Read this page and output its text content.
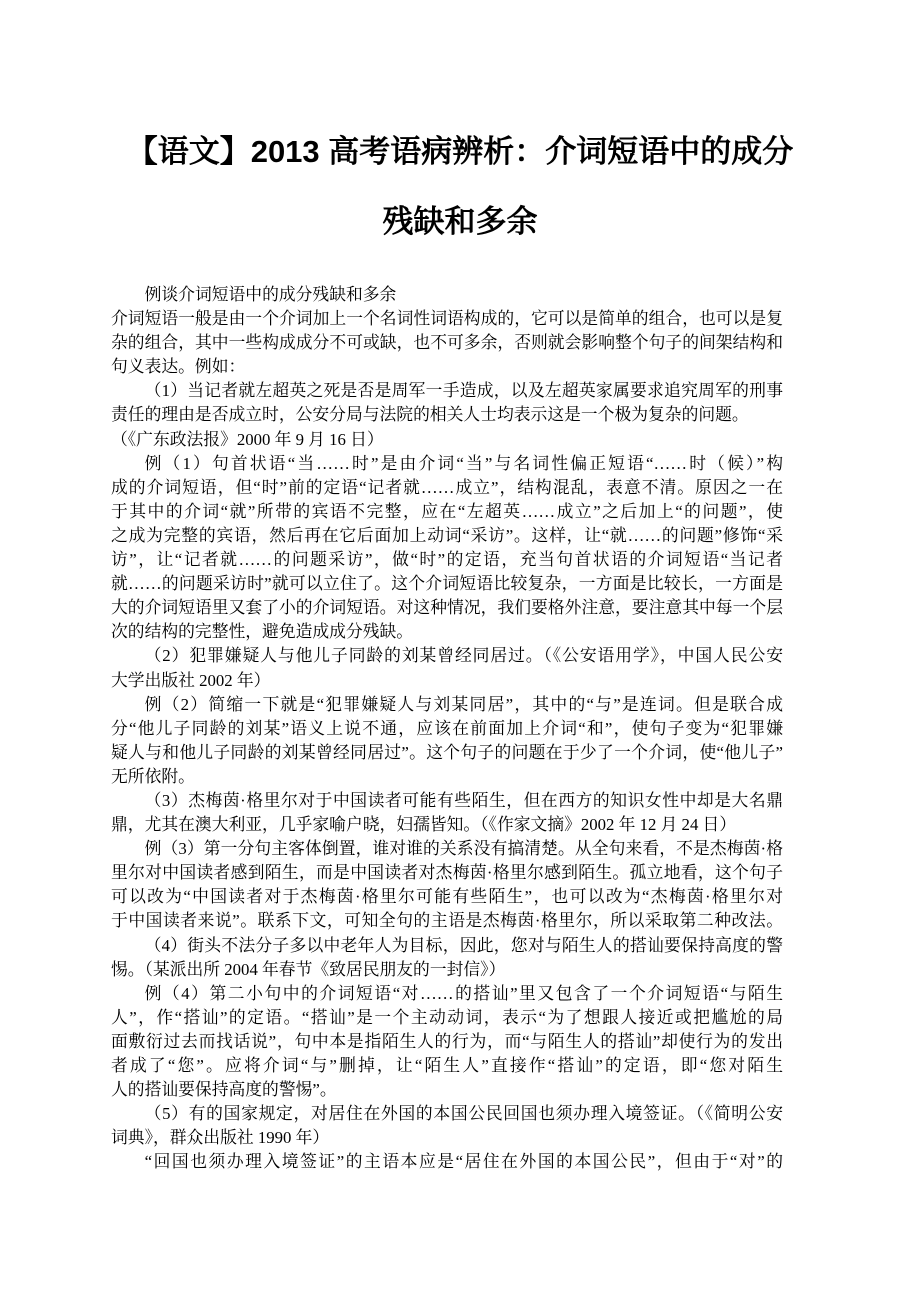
【语文】2013 高考语病辨析：介词短语中的成分
残缺和多余
例谈介词短语中的成分残缺和多余
介词短语一般是由一个介词加上一个名词性词语构成的，它可以是简单的组合，也可以是复
杂的组合，其中一些构成成分不可或缺，也不可多余，否则就会影响整个句子的间架结构和
句义表达。例如：
（1）当记者就左超英之死是否是周军一手造成，以及左超英家属要求追究周军的刑事
责任的理由是否成立时，公安分局与法院的相关人士均表示这是一个极为复杂的问题。
（《广东政法报》2000 年 9 月 16 日）
例（1）句首状语“当……时”是由介词“当”与名词性偏正短语“……时（候）”构
成的介词短语，但“时”前的定语“记者就……成立”，结构混乱，表意不清。原因之一在
于其中的介词“就”所带的宾语不完整，应在“左超英……成立”之后加上“的问题”，使
之成为完整的宾语，然后再在它后面加上动词“采访”。这样，让“就……的问题”修饰“采
访”，让“记者就……的问题采访”，做“时”的定语，充当句首状语的介词短语“当记者
就……的问题采访时”就可以立住了。这个介词短语比较复杂，一方面是比较长，一方面是
大的介词短语里又套了小的介词短语。对这种情况，我们要格外注意，要注意其中每一个层
次的结构的完整性，避免造成成分残缺。
（2）犯罪嫌疑人与他儿子同龄的刘某曾经同居过。（《公安语用学》，中国人民公安
大学出版社 2002 年）
例（2）简缩一下就是“犯罪嫌疑人与刘某同居”，其中的“与”是连词。但是联合成
分“他儿子同龄的刘某”语义上说不通，应该在前面加上介词“和”，使句子变为“犯罪嫌
疑人与和他儿子同龄的刘某曾经同居过”。这个句子的问题在于少了一个介词，使“他儿子”
无所依附。
（3）杰梅茵·格里尔对于中国读者可能有些陌生，但在西方的知识女性中却是大名鼎
鼎，尤其在澳大利亚，几乎家喻户晓，妇孺皆知。（《作家文摘》2002 年 12 月 24 日）
例（3）第一分句主客体倒置，谁对谁的关系没有搞清楚。从全句来看，不是杰梅茵·格
里尔对中国读者感到陌生，而是中国读者对杰梅茵·格里尔感到陌生。孤立地看，这个句子
可以改为“中国读者对于杰梅茵·格里尔可能有些陌生”，也可以改为“杰梅茵·格里尔对
于中国读者来说”。联系下文，可知全句的主语是杰梅茵·格里尔，所以采取第二种改法。
（4）街头不法分子多以中老年人为目标，因此，您对与陌生人的搭讪要保持高度的警
惕。（某派出所 2004 年春节《致居民朋友的一封信》）
例（4）第二小句中的介词短语“对……的搭讪”里又包含了一个介词短语“与陌生
人”，作“搭讪”的定语。“搭讪”是一个主动动词，表示“为了想跟人接近或把尴尬的局
面敷衍过去而找话说”，句中本是指陌生人的行为，而“与陌生人的搭讪”却使行为的发出
者成了“您”。应将介词“与”删掉，让“陌生人”直接作“搭讪”的定语，即“您对陌生
人的搭讪要保持高度的警惕”。
（5）有的国家规定，对居住在外国的本国公民回国也须办理入境签证。（《简明公安
词典》，群众出版社 1990 年）
“回国也须办理入境签证”的主语本应是“居住在外国的本国公民”，但由于“对”的
